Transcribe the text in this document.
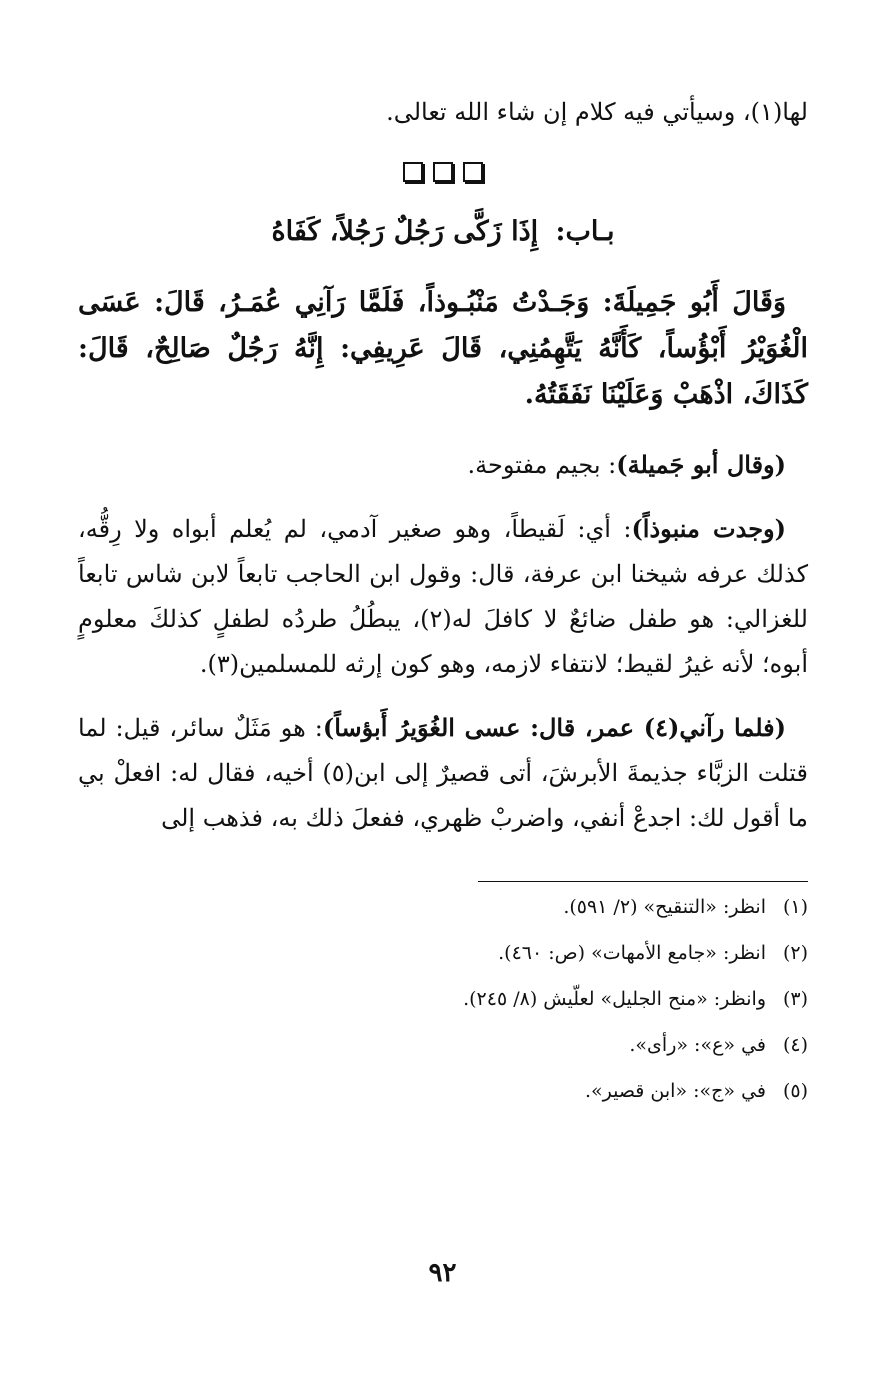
لها(١)، وسيأتي فيه كلام إن شاء الله تعالى.

بـاب: إِذَا زَكَّى رَجُلٌ رَجُلاً، كَفَاهُ

وَقَالَ أَبُو جَمِيلَةَ: وَجَـدْتُ مَنْبُـوذاً، فَلَمَّا رَآنِي عُمَـرُ، قَالَ: عَسَى الْغُوَيْرُ أَبْؤُساً، كَأَنَّهُ يَتَّهِمُنِي، قَالَ عَرِيفِي: إِنَّهُ رَجُلٌ صَالِحٌ، قَالَ: كَذَاكَ، اذْهَبْ وَعَلَيْنَا نَفَقَتُهُ.

(وقال أبو جَميلة): بجيم مفتوحة.

(وجدت منبوذاً): أي: لَقيطاً، وهو صغير آدمي، لم يُعلم أبواه ولا رِقُّه، كذلك عرفه شيخنا ابن عرفة، قال: وقول ابن الحاجب تابعاً لابن شاس تابعاً للغزالي: هو طفل ضائعٌ لا كافلَ له(٢)، يبطُلُ طردُه لطفلٍ كذلكَ معلومٍ أبوه؛ لأنه غيرُ لقيط؛ لانتفاء لازمه، وهو كون إرثه للمسلمين(٣).

(فلما رآني(٤) عمر، قال: عسى الغُوَيرُ أَبؤساً): هو مَثَلٌ سائر، قيل: لما قتلت الزبَّاء جذيمةَ الأبرشَ، أتى قصيرٌ إلى ابن(٥) أخيه، فقال له: افعلْ بي ما أقول لك: اجدعْ أنفي، واضربْ ظهري، ففعلَ ذلك به، فذهب إلى

(١)
انظر: «التنقيح» (٢/ ٥٩١).
(٢)
انظر: «جامع الأمهات» (ص: ٤٦٠).
(٣)
وانظر: «منح الجليل» لعلّيش (٨/ ٢٤٥).
(٤)
في «ع»: «رأى».
(٥)
في «ج»: «ابن قصير».
٩٢
